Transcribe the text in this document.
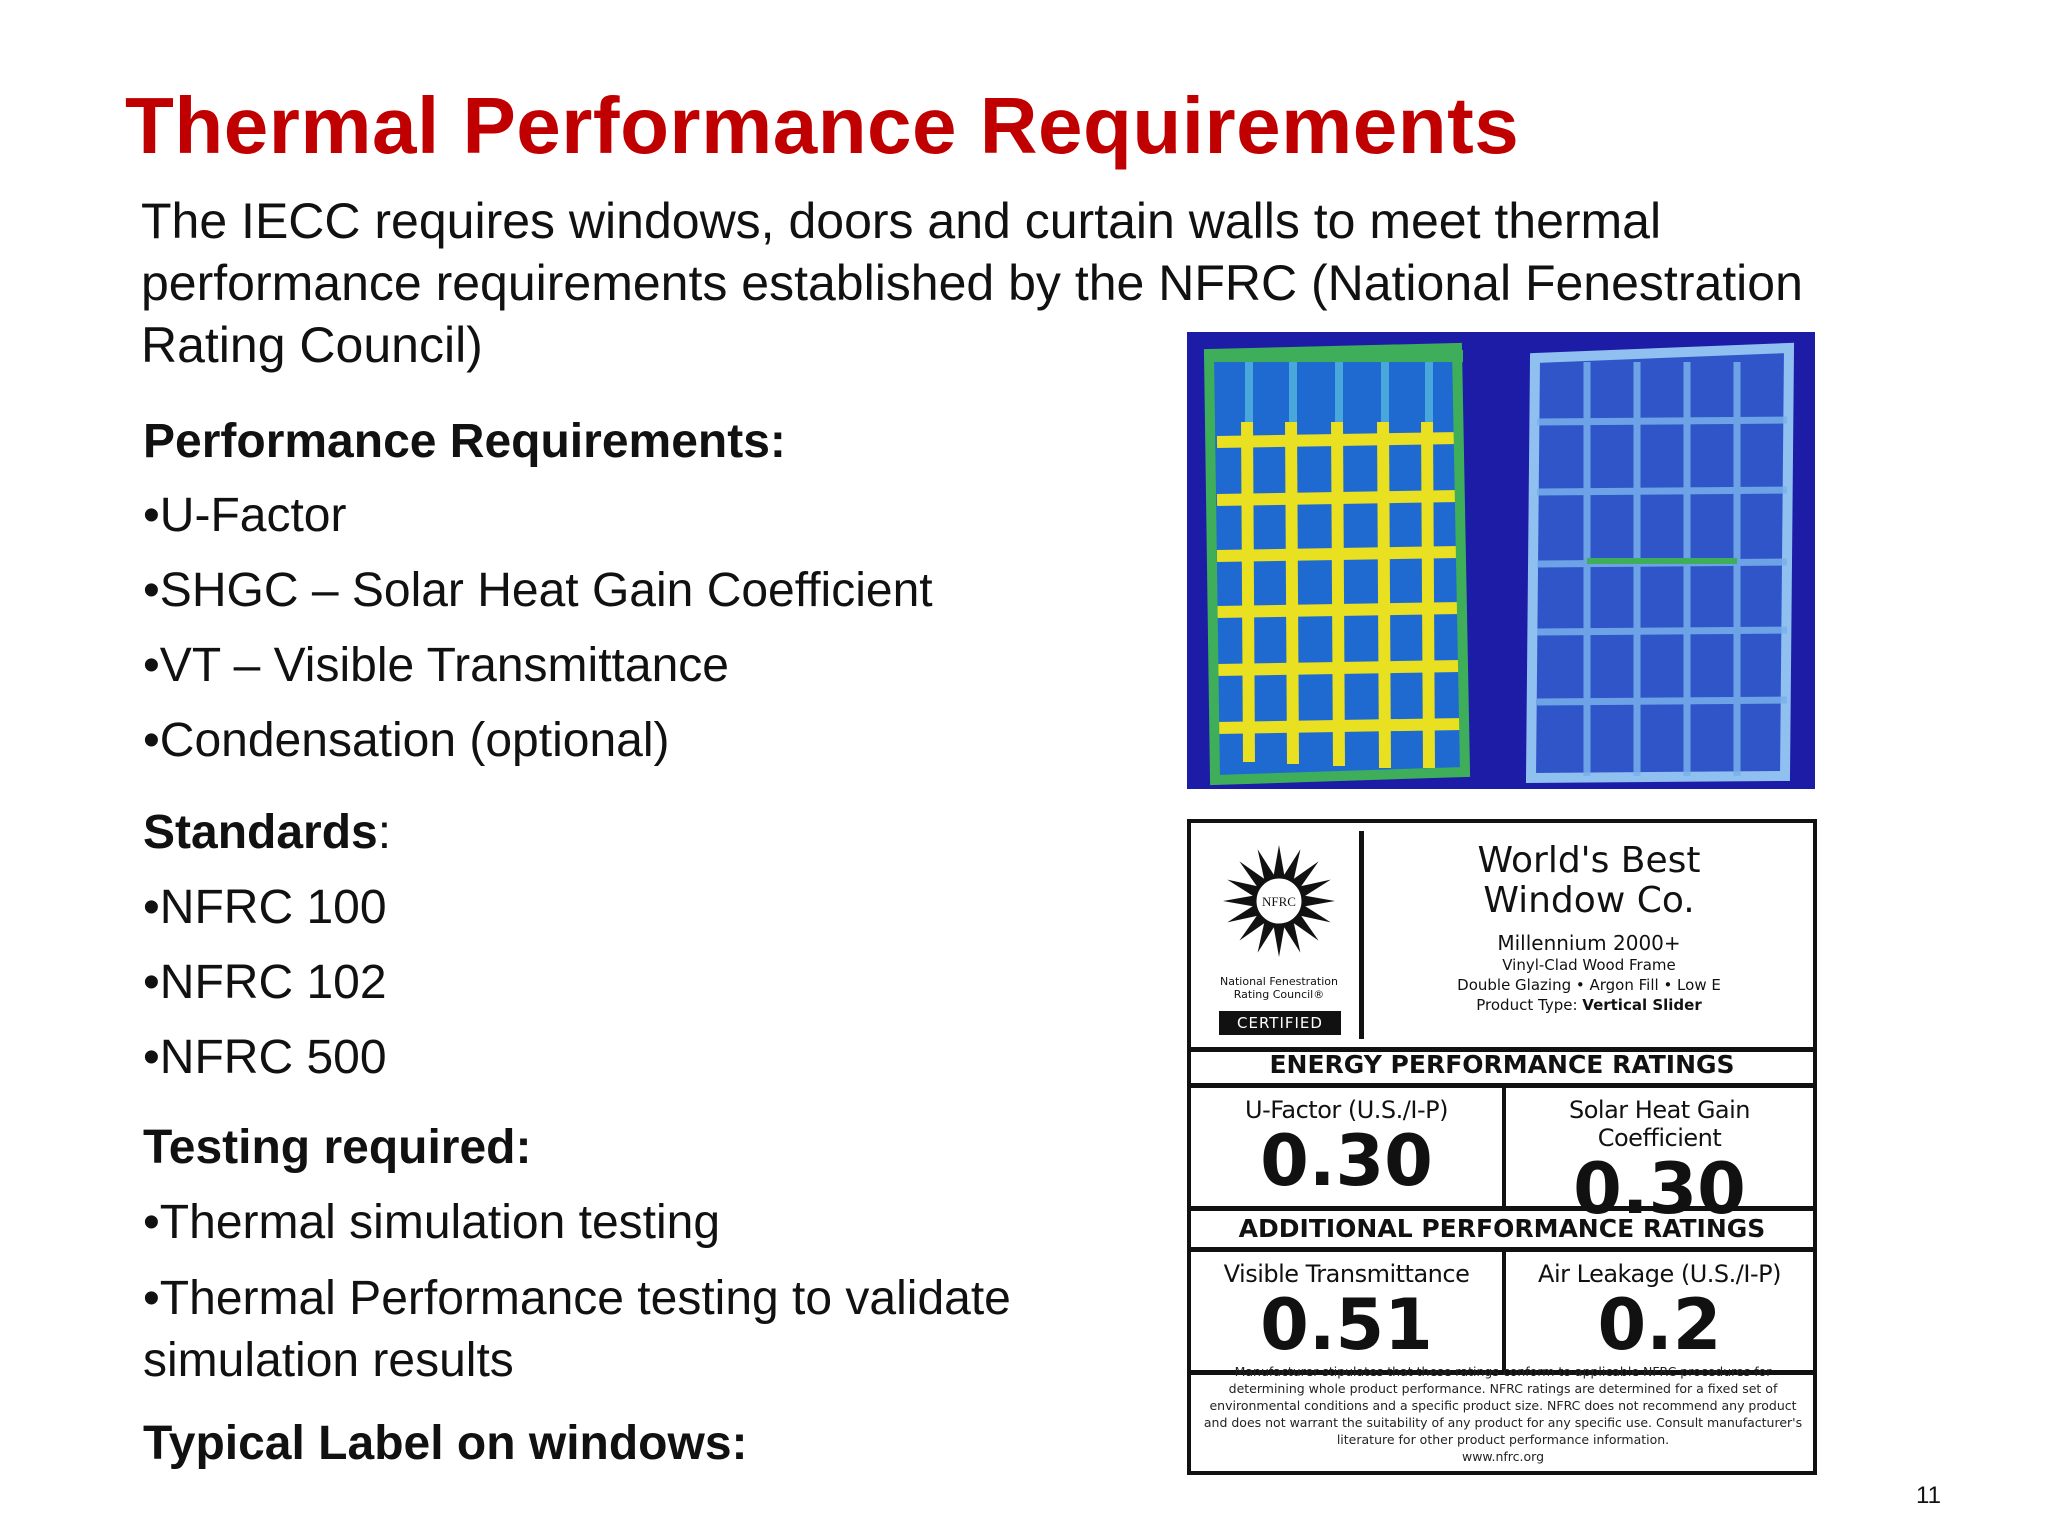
Thermal Performance Requirements
The IECC requires windows, doors and curtain walls to meet thermal performance requirements established by the NFRC (National Fenestration Rating Council)
Performance Requirements:
•U-Factor
•SHGC – Solar Heat Gain Coefficient
•VT – Visible Transmittance
•Condensation (optional)
Standards:
•NFRC 100
•NFRC 102
•NFRC 500
Testing required:
•Thermal simulation testing
•Thermal Performance testing to validate simulation results
Typical Label on windows:
NFRC
National Fenestration
Rating Council®
CERTIFIED
World's Best
Window Co.
Millennium 2000+
Vinyl-Clad Wood Frame
Double Glazing • Argon Fill • Low E
Product Type: Vertical Slider
ENERGY PERFORMANCE RATINGS
U-Factor (U.S./I-P)
0.30
Solar Heat Gain Coefficient
0.30
ADDITIONAL PERFORMANCE RATINGS
Visible Transmittance
0.51
Air Leakage (U.S./I-P)
0.2
Manufacturer stipulates that these ratings conform to applicable NFRC procedures for determining whole product performance. NFRC ratings are determined for a fixed set of environmental conditions and a specific product size. NFRC does not recommend any product and does not warrant the suitability of any product for any specific use. Consult manufacturer's literature for other product performance information.
www.nfrc.org
11
